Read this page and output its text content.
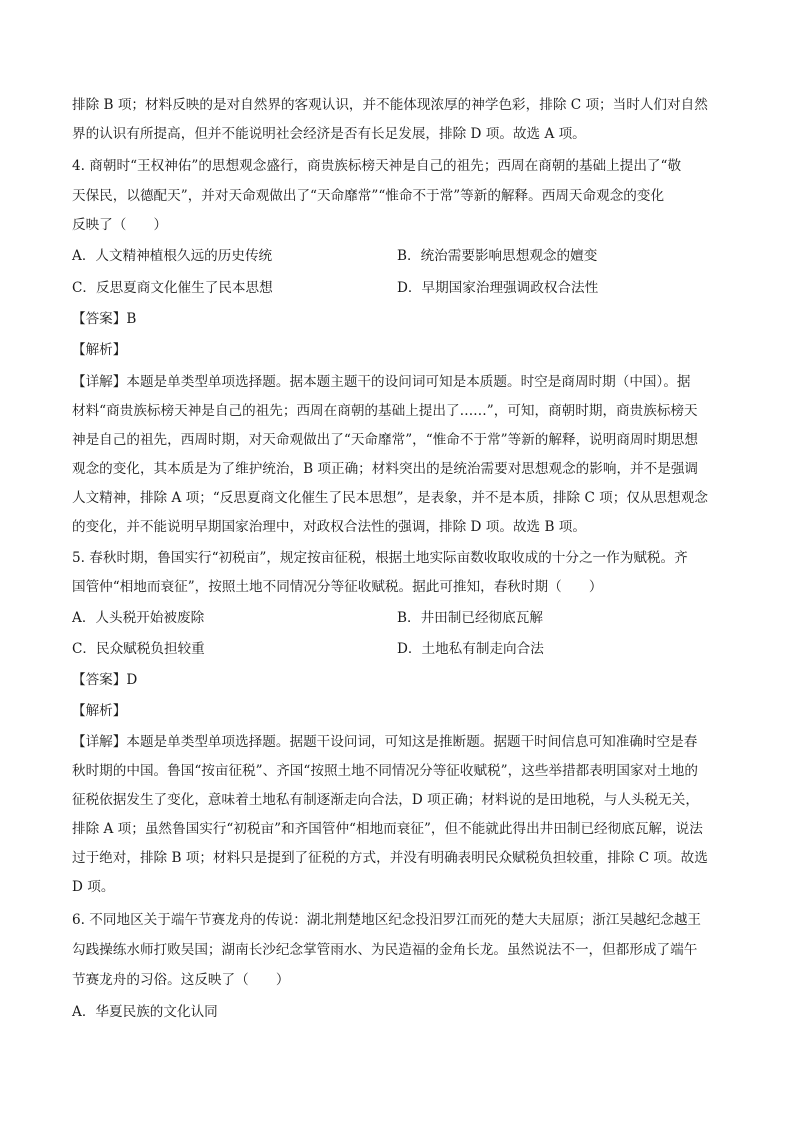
排除 B 项；材料反映的是对自然界的客观认识，并不能体现浓厚的神学色彩，排除 C 项；当时人们对自然
界的认识有所提高，但并不能说明社会经济是否有长足发展，排除 D 项。故选 A 项。
4. 商朝时“王权神佑”的思想观念盛行，商贵族标榜天神是自己的祖先；西周在商朝的基础上提出了“敬
天保民，以德配天”，并对天命观做出了“天命靡常”“惟命不于常”等新的解释。西周天命观念的变化
反映了（　　）
A．人文精神植根久远的历史传统	B．统治需要影响思想观念的嬗变
C．反思夏商文化催生了民本思想	D．早期国家治理强调政权合法性
【答案】B
【解析】
【详解】本题是单类型单项选择题。据本题主题干的设问词可知是本质题。时空是商周时期（中国）。据
材料“商贵族标榜天神是自己的祖先；西周在商朝的基础上提出了……”，可知，商朝时期，商贵族标榜天
神是自己的祖先，西周时期，对天命观做出了“天命靡常”，“惟命不于常”等新的解释，说明商周时期思想
观念的变化，其本质是为了维护统治，B 项正确；材料突出的是统治需要对思想观念的影响，并不是强调
人文精神，排除 A 项；“反思夏商文化催生了民本思想”，是表象，并不是本质，排除 C 项；仅从思想观念
的变化，并不能说明早期国家治理中，对政权合法性的强调，排除 D 项。故选 B 项。
5. 春秋时期，鲁国实行“初税亩”，规定按亩征税，根据土地实际亩数收取收成的十分之一作为赋税。齐
国管仲“相地而衰征”，按照土地不同情况分等征收赋税。据此可推知，春秋时期（　　）
A．人头税开始被废除	B．井田制已经彻底瓦解
C．民众赋税负担较重	D．土地私有制走向合法
【答案】D
【解析】
【详解】本题是单类型单项选择题。据题干设问词，可知这是推断题。据题干时间信息可知准确时空是春
秋时期的中国。鲁国“按亩征税”、齐国“按照土地不同情况分等征收赋税”，这些举措都表明国家对土地的
征税依据发生了变化，意味着土地私有制逐渐走向合法，D 项正确；材料说的是田地税，与人头税无关，
排除 A 项；虽然鲁国实行“初税亩”和齐国管仲“相地而衰征”，但不能就此得出井田制已经彻底瓦解，说法
过于绝对，排除 B 项；材料只是提到了征税的方式，并没有明确表明民众赋税负担较重，排除 C 项。故选
D 项。
6. 不同地区关于端午节赛龙舟的传说：湖北荆楚地区纪念投汨罗江而死的楚大夫屈原；浙江吴越纪念越王
勾践操练水师打败吴国；湖南长沙纪念掌管雨水、为民造福的金角长龙。虽然说法不一，但都形成了端午
节赛龙舟的习俗。这反映了（　　）
A．华夏民族的文化认同
